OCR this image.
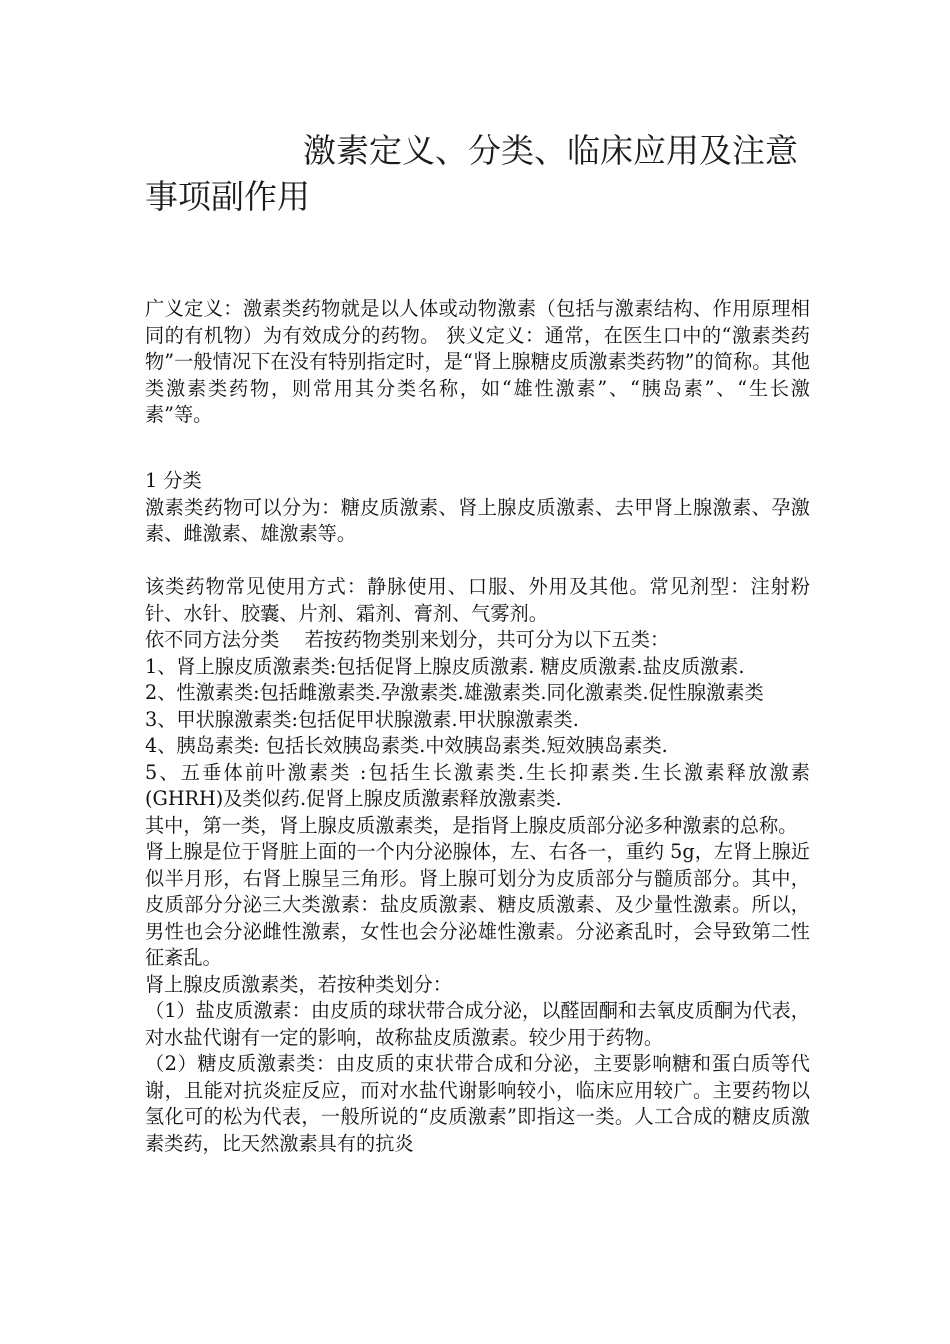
激素定义、分类、临床应用及注意事项副作用

广义定义：激素类药物就是以人体或动物激素（包括与激素结构、作用原理相同的有机物）为有效成分的药物。 狭义定义：通常，在医生口中的“激素类药物”一般情况下在没有特别指定时，是“肾上腺糖皮质激素类药物”的简称。其他类激素类药物，则常用其分类名称，如“雄性激素”、“胰岛素”、“生长激素”等。

1 分类

激素类药物可以分为：糖皮质激素、肾上腺皮质激素、去甲肾上腺激素、孕激素、雌激素、雄激素等。

该类药物常见使用方式：静脉使用、口服、外用及其他。常见剂型：注射粉针、水针、胶囊、片剂、霜剂、膏剂、气雾剂。

依不同方法分类　 若按药物类别来划分，共可分为以下五类：

1、肾上腺皮质激素类:包括促肾上腺皮质激素. 糖皮质激素.盐皮质激素.

2、性激素类:包括雌激素类.孕激素类.雄激素类.同化激素类.促性腺激素类

3、甲状腺激素类:包括促甲状腺激素.甲状腺激素类.

4、胰岛素类: 包括长效胰岛素类.中效胰岛素类.短效胰岛素类.

5、五垂体前叶激素类 :包括生长激素类.生长抑素类.生长激素释放激素(GHRH)及类似药.促肾上腺皮质激素释放激素类.

其中，第一类，肾上腺皮质激素类，是指肾上腺皮质部分泌多种激素的总称。

肾上腺是位于肾脏上面的一个内分泌腺体，左、右各一，重约 5g，左肾上腺近似半月形，右肾上腺呈三角形。肾上腺可划分为皮质部分与髓质部分。其中，皮质部分分泌三大类激素：盐皮质激素、糖皮质激素、及少量性激素。所以，男性也会分泌雌性激素，女性也会分泌雄性激素。分泌紊乱时，会导致第二性征紊乱。

肾上腺皮质激素类，若按种类划分：

（1）盐皮质激素：由皮质的球状带合成分泌，以醛固酮和去氧皮质酮为代表，对水盐代谢有一定的影响，故称盐皮质激素。较少用于药物。

（2）糖皮质激素类：由皮质的束状带合成和分泌，主要影响糖和蛋白质等代谢，且能对抗炎症反应，而对水盐代谢影响较小，临床应用较广。主要药物以氢化可的松为代表，一般所说的“皮质激素”即指这一类。人工合成的糖皮质激素类药，比天然激素具有的抗炎
